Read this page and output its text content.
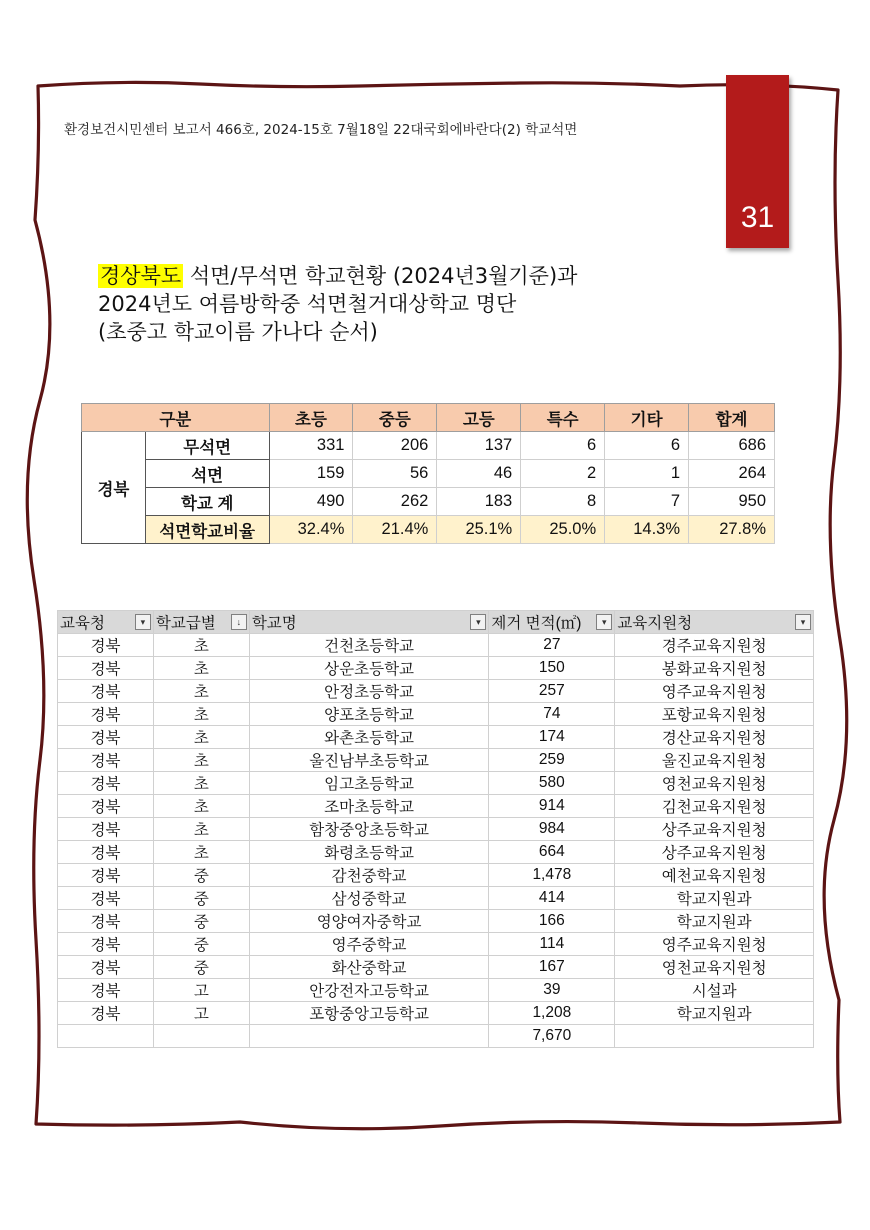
환경보건시민센터 보고서 466호, 2024-15호 7월18일 22대국회에바란다(2) 학교석면
31
경상북도 석면/무석면 학교현황 (2024년3월기준)과
2024년도 여름방학중 석면철거대상학교 명단
(초중고 학교이름 가나다 순서)
구분		초등	중등	고등	특수	기타	합계
경북	무석면	331	206	137	6	6	686
	석면	159	56	46	2	1	264
	학교 계	490	262	183	8	7	950
	석면학교비율	32.4%	21.4%	25.1%	25.0%	14.3%	27.8%
교육청 ▾	학교급별 ↓	학교명 ▾	제거 면적(㎡) ▾	교육지원청 ▾

경북	초	건천초등학교	27	경주교육지원청
경북	초	상운초등학교	150	봉화교육지원청
경북	초	안정초등학교	257	영주교육지원청
경북	초	양포초등학교	74	포항교육지원청
경북	초	와촌초등학교	174	경산교육지원청
경북	초	울진남부초등학교	259	울진교육지원청
경북	초	임고초등학교	580	영천교육지원청
경북	초	조마초등학교	914	김천교육지원청
경북	초	함창중앙초등학교	984	상주교육지원청
경북	초	화령초등학교	664	상주교육지원청
경북	중	감천중학교	1,478	예천교육지원청
경북	중	삼성중학교	414	학교지원과
경북	중	영양여자중학교	166	학교지원과
경북	중	영주중학교	114	영주교육지원청
경북	중	화산중학교	167	영천교육지원청
경북	고	안강전자고등학교	39	시설과
경북	고	포항중앙고등학교	1,208	학교지원과
			7,670	
